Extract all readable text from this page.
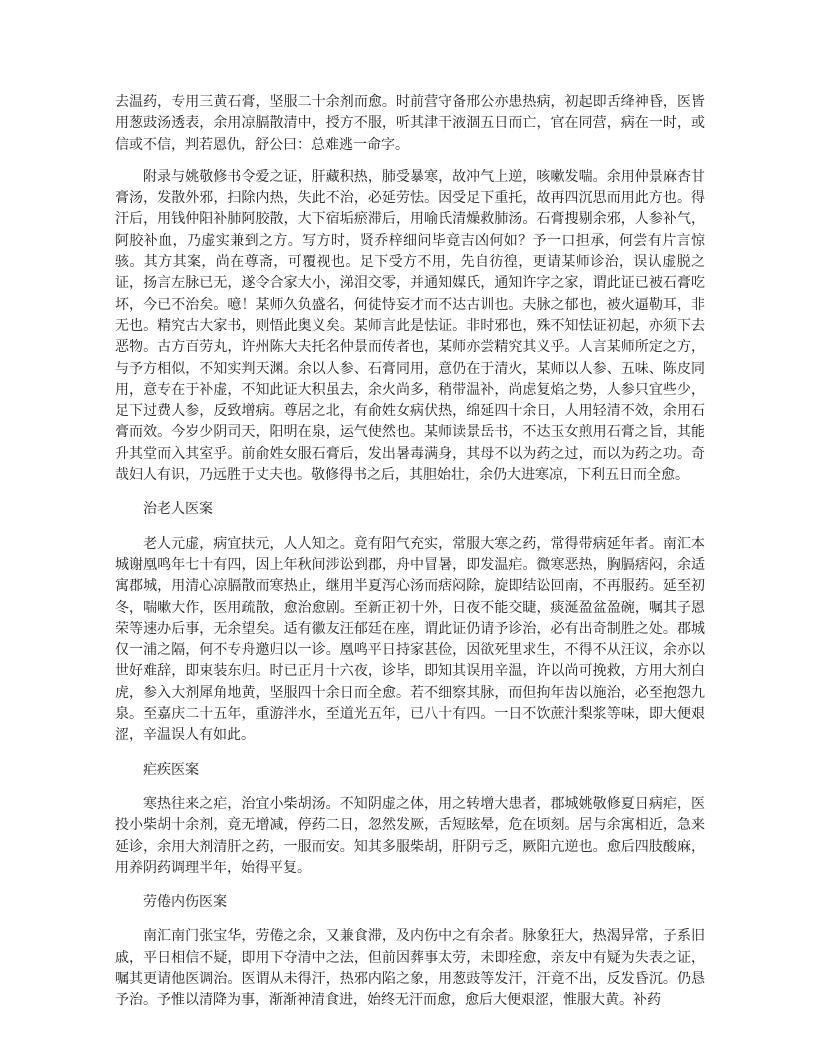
去温药，专用三黄石膏，坚服二十余剂而愈。时前营守备邢公亦患热病，初起即舌绛神昏，医皆用葱豉汤透表，余用凉膈散清中，授方不服，听其津干液涸五日而亡，官在同营，病在一时，或信或不信，判若恩仇，舒公曰：总难逃一命字。

附录与姚敬修书令爱之证，肝藏积热，肺受暴寒，故冲气上逆，咳嗽发喘。余用仲景麻杏甘膏汤，发散外邪，扫除内热，失此不治，必延劳怯。因受足下重托，故再四沉思而用此方也。得汗后，用钱仲阳补肺阿胶散，大下宿垢瘀滞后，用喻氏清燥救肺汤。石膏搜剔余邪，人参补气，阿胶补血，乃虚实兼到之方。写方时，贤乔梓细问毕竟吉凶何如？予一口担承，何尝有片言惊骇。其方其案，尚在尊斋，可覆视也。足下受方不用，先自彷徨，更请某师诊治，误认虚脱之证，扬言左脉已无，遂令合家大小，涕泪交零，并通知媒氏，通知许字之家，谓此证已被石膏吃坏，今已不治矣。噫！某师久负盛名，何徒恃妄才而不达古训也。夫脉之郁也，被火逼勒耳，非无也。精究古大家书，则悟此奥义矣。某师言此是怯证。非时邪也，殊不知怯证初起，亦须下去恶物。古方百劳丸，许州陈大夫托名仲景而传者也，某师亦尝精究其义乎。人言某师所定之方，与予方相似，不知实判天渊。余以人参、石膏同用，意仍在于清火，某师以人参、五味、陈皮同用，意专在于补虚，不知此证大积虽去，余火尚多，稍带温补，尚虑复焰之势，人参只宜些少，足下过费人参，反致增病。尊居之北，有俞姓女病伏热，绵延四十余日，人用轻清不效，余用石膏而效。今岁少阴司天，阳明在泉，运气使然也。某师读景岳书，不达玉女煎用石膏之旨，其能升其堂而入其室乎。前俞姓女服石膏后，发出暑毒满身，其母不以为药之过，而以为药之功。奇哉妇人有识，乃远胜于丈夫也。敬修得书之后，其胆始壮，余仍大进寒凉，下利五日而全愈。

治老人医案

老人元虚，病宜扶元，人人知之。竟有阳气充实，常服大寒之药，常得带病延年者。南汇本城谢凰鸣年七十有四，因上年秋间涉讼到郡，舟中冒暑，即发温疟。微寒恶热，胸膈痞闷，余适寓郡城，用清心凉膈散而寒热止，继用半夏泻心汤而痞闷除，旋即结讼回南，不再服药。延至初冬，喘嗽大作，医用疏散，愈治愈剧。至新正初十外，日夜不能交睫，痰涎盈盆盈碗，嘱其子恩荣等速办后事，无余望矣。适有徽友汪郁廷在座，谓此证仍请予诊治，必有出奇制胜之处。郡城仅一浦之隔，何不专舟邀归以一诊。凰鸣平日持家甚俭，因欲死里求生，不得不从汪议，余亦以世好难辞，即束装东归。时已正月十六夜，诊毕，即知其误用辛温，许以尚可挽救，方用大剂白虎，参入大剂犀角地黄，坚服四十余日而全愈。若不细察其脉，而但拘年齿以施治，必至抱怨九泉。至嘉庆二十五年，重游泮水，至道光五年，已八十有四。一日不饮蔗汁梨浆等味，即大便艰涩，辛温误人有如此。

疟疾医案

寒热往来之疟，治宜小柴胡汤。不知阴虚之体，用之转增大患者，郡城姚敬修夏日病疟，医投小柴胡十余剂，竟无增减，停药二日，忽然发厥，舌短眩晕，危在顷刻。居与余寓相近，急来延诊，余用大剂清肝之药，一服而安。知其多服柴胡，肝阴亏乏，厥阳亢逆也。愈后四肢酸麻，用养阴药调理半年，始得平复。

劳倦内伤医案

南汇南门张宝华，劳倦之余，又兼食滞，及内伤中之有余者。脉象狂大，热渴异常，子系旧戚，平日相信不疑，即用下夺清中之法，但前因葬事太劳，未即痊愈，亲友中有疑为失表之证，嘱其更请他医调治。医谓从未得汗，热邪内陷之象，用葱豉等发汗，汗竟不出，反发昏沉。仍恳予治。予惟以清降为事，渐渐神清食进，始终无汗而愈，愈后大便艰涩，惟服大黄。补药
